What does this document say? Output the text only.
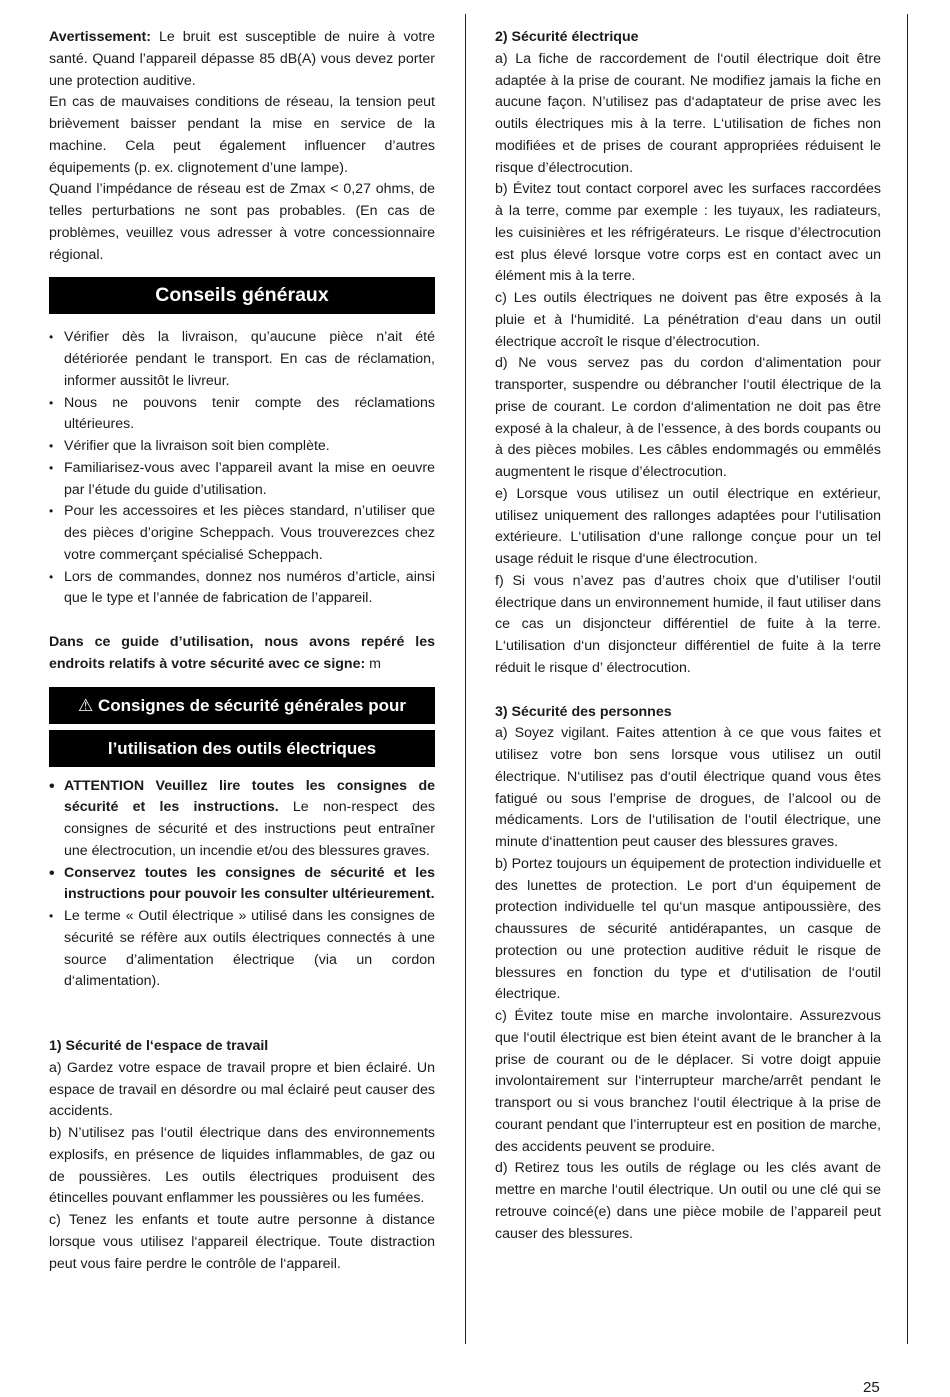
Avertissement: Le bruit est susceptible de nuire à votre santé. Quand l’appareil dépasse 85 dB(A) vous devez porter une protection auditive.

En cas de mauvaises conditions de réseau, la tension peut brièvement baisser pendant la mise en service de la machine. Cela peut également influencer d’autres équipements (p. ex. clignotement d’une lampe).

Quand l’impédance de réseau est de Zmax < 0,27 ohms, de telles perturbations ne sont pas probables. (En cas de problèmes, veuillez vous adresser à votre concessionnaire régional.

Conseils généraux
• Vérifier dès la livraison, qu’aucune pièce n’ait été détériorée pendant le transport. En cas de réclamation, informer aussitôt le livreur.
• Nous ne pouvons tenir compte des réclamations ultérieures.
• Vérifier que la livraison soit bien complète.
• Familiarisez-vous avec l’appareil avant la mise en oeuvre par l’étude du guide d’utilisation.
• Pour les accessoires et les pièces standard, n’utiliser que des pièces d’origine Scheppach. Vous trouverezces chez votre commerçant spécialisé Scheppach.
• Lors de commandes, donnez nos numéros d’article, ainsi que le type et l’année de fabrication de l’appareil.

Dans ce guide d’utilisation, nous avons repéré les endroits relatifs à votre sécurité avec ce signe: m

⚠ Consignes de sécurité générales pour
l’utilisation des outils électriques
• ATTENTION Veuillez lire toutes les consignes de sécurité et les instructions. Le non-respect des consignes de sécurité et des instructions peut entraîner une électrocution, un incendie et/ou des blessures graves.
• Conservez toutes les consignes de sécurité et les instructions pour pouvoir les consulter ultérieurement.
• Le terme « Outil électrique » utilisé dans les consignes de sécurité se réfère aux outils électriques connectés à une source d’alimentation électrique (via un cordon d‘alimentation).

1) Sécurité de l‘espace de travail

a) Gardez votre espace de travail propre et bien éclairé. Un espace de travail en désordre ou mal éclairé peut causer des accidents.

b) N’utilisez pas l‘outil électrique dans des environnements explosifs, en présence de liquides inflammables, de gaz ou de poussières. Les outils électriques produisent des étincelles pouvant enflammer les poussières ou les fumées.

c) Tenez les enfants et toute autre personne à distance lorsque vous utilisez l‘appareil électrique. Toute distraction peut vous faire perdre le contrôle de l‘appareil.

2) Sécurité électrique

a) La fiche de raccordement de l‘outil électrique doit être adaptée à la prise de courant. Ne modifiez jamais la fiche en aucune façon. N’utilisez pas d‘adaptateur de prise avec les outils électriques mis à la terre. L‘utilisation de fiches non modifiées et de prises de courant appropriées réduisent le risque d’électrocution.

b) Évitez tout contact corporel avec les surfaces raccordées à la terre, comme par exemple : les tuyaux, les radiateurs, les cuisinières et les réfrigérateurs. Le risque d’électrocution est plus élevé lorsque votre corps est en contact avec un élément mis à la terre.

c) Les outils électriques ne doivent pas être exposés à la pluie et à l‘humidité. La pénétration d‘eau dans un outil électrique accroît le risque d’électrocution.

d) Ne vous servez pas du cordon d‘alimentation pour transporter, suspendre ou débrancher l‘outil électrique de la prise de courant. Le cordon d‘alimentation ne doit pas être exposé à la chaleur, à de l’essence, à des bords coupants ou à des pièces mobiles. Les câbles endommagés ou emmêlés augmentent le risque d’électrocution.

e) Lorsque vous utilisez un outil électrique en extérieur, utilisez uniquement des rallonges adaptées pour l‘utilisation extérieure. L‘utilisation d‘une rallonge conçue pour un tel usage réduit le risque d‘une électrocution.

f) Si vous n’avez pas d’autres choix que d’utiliser l‘outil électrique dans un environnement humide, il faut utiliser dans ce cas un disjoncteur différentiel de fuite à la terre. L‘utilisation d‘un disjoncteur différentiel de fuite à la terre réduit le risque d’ électrocution.

3) Sécurité des personnes

a) Soyez vigilant. Faites attention à ce que vous faites et utilisez votre bon sens lorsque vous utilisez un outil électrique. N‘utilisez pas d‘outil électrique quand vous êtes fatigué ou sous l’emprise de drogues, de l’alcool ou de médicaments. Lors de l‘utilisation de l‘outil électrique, une minute d‘inattention peut causer des blessures graves.

b) Portez toujours un équipement de protection individuelle et des lunettes de protection. Le port d‘un équipement de protection individuelle tel qu‘un masque antipoussière, des chaussures de sécurité antidérapantes, un casque de protection ou une protection auditive réduit le risque de blessures en fonction du type et d‘utilisation de l‘outil électrique.

c) Évitez toute mise en marche involontaire. Assurezvous que l‘outil électrique est bien éteint avant de le brancher à la prise de courant ou de le déplacer. Si votre doigt appuie involontairement sur l‘interrupteur marche/arrêt pendant le transport ou si vous branchez l‘outil électrique à la prise de courant pendant que l’interrupteur est en position de marche, des accidents peuvent se produire.

d) Retirez tous les outils de réglage ou les clés avant de mettre en marche l‘outil électrique. Un outil ou une clé qui se retrouve coincé(e) dans une pièce mobile de l’appareil peut causer des blessures.

25
